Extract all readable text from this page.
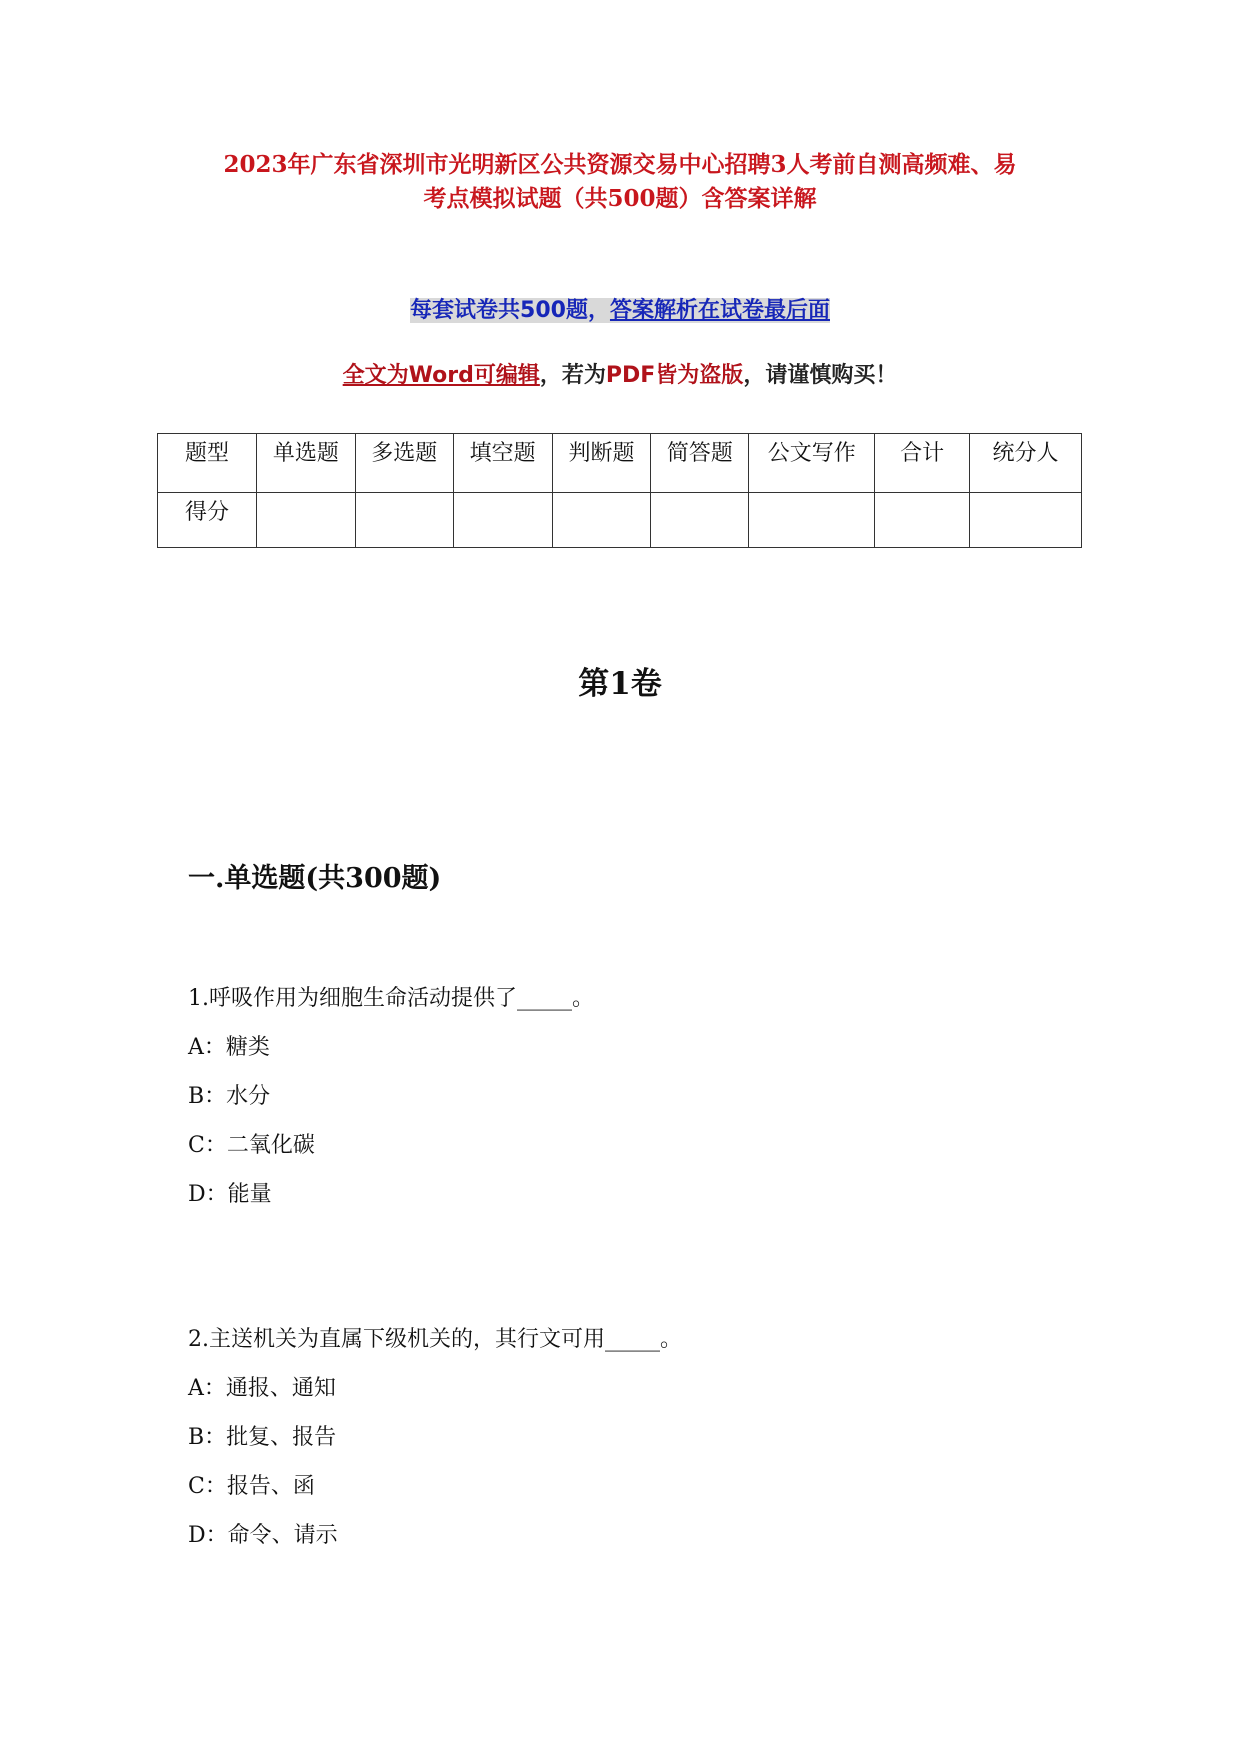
2023年广东省深圳市光明新区公共资源交易中心招聘3人考前自测高频难、易
考点模拟试题（共500题）含答案详解
每套试卷共500题，答案解析在试卷最后面
全文为Word可编辑，若为PDF皆为盗版，请谨慎购买！
题型	单选题	多选题	填空题	判断题	简答题	公文写作	合计	统分人
得分								
第1卷
一.单选题(共300题)
1.呼吸作用为细胞生命活动提供了_____。
A：糖类
B：水分
C：二氧化碳
D：能量
2.主送机关为直属下级机关的，其行文可用_____。
A：通报、通知
B：批复、报告
C：报告、函
D：命令、请示
